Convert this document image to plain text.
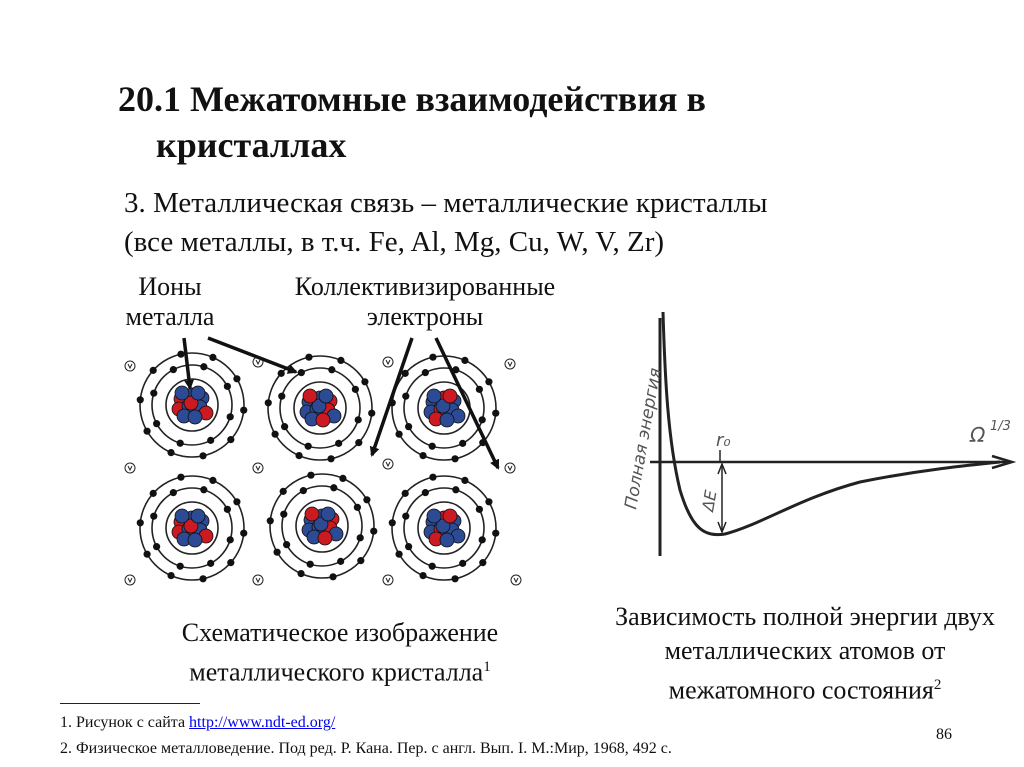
20.1 Межатомные взаимодействия в
кристаллах
3. Металлическая связь – металлические кристаллы
(все металлы, в т.ч. Fe, Al, Mg, Cu, W, V, Zr)
Ионы
металла
Коллективизированные
электроны
Схематическое изображение
металлического кристалла$^1$
Полная энергия	r₀
ΔE
Ω 1/3
Зависимость полной энергии двух
металлических атомов от
межатомного состояния$^2$
1. Рисунок с сайта http://www.ndt-ed.org/
2. Физическое металловедение. Под ред. Р. Кана. Пер. с англ. Вып. I. М.:Мир, 1968, 492 с.
86
